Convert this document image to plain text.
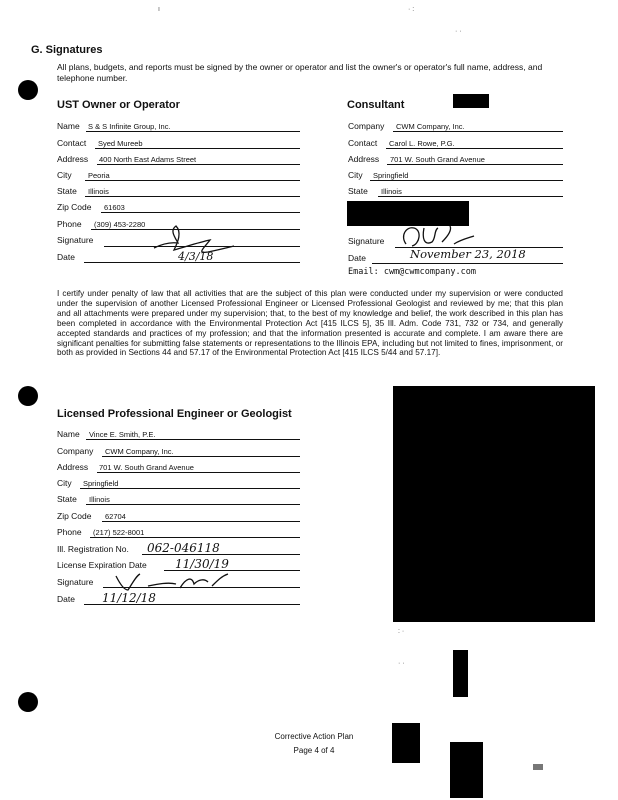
ı	· :
· ·
: ·
· ·
G. Signatures
All plans, budgets, and reports must be signed by the owner or operator and list the owner's or operator's full name, address, and telephone number.
UST Owner or Operator
Name S & S Infinite Group, Inc.
Contact Syed Mureeb
Address 400 North East Adams Street
City Peoria
State Illinois
Zip Code 61603
Phone (309) 453-2280
Signature
Date	4/3/18
Consultant
Company CWM Company, Inc.
Contact Carol L. Rowe, P.G.
Address 701 W. South Grand Avenue
City Springfield
State Illinois
Signature
Date	November 23, 2018
Email: cwm@cwmcompany.com
I certify under penalty of law that all activities that are the subject of this plan were conducted under my supervision or were conducted under the supervision of another Licensed Professional Engineer or Licensed Professional Geologist and reviewed by me; that this plan and all attachments were prepared under my supervision; that, to the best of my knowledge and belief, the work described in this plan has been completed in accordance with the Environmental Protection Act [415 ILCS 5], 35 Ill. Adm. Code 731, 732 or 734, and generally accepted standards and practices of my profession; and that the information presented is accurate and complete. I am aware there are significant penalties for submitting false statements or representations to the Illinois EPA, including but not limited to fines, imprisonment, or both as provided in Sections 44 and 57.17 of the Environmental Protection Act [415 ILCS 5/44 and 57.17].
Licensed Professional Engineer or Geologist
Name Vince E. Smith, P.E.
Company CWM Company, Inc.
Address 701 W. South Grand Avenue
City Springfield
State Illinois
Zip Code 62704
Phone (217) 522-8001
Ill. Registration No. 062-046118
License Expiration Date 11/30/19
Signature
Date 11/12/18
Corrective Action Plan
Page 4 of 4
